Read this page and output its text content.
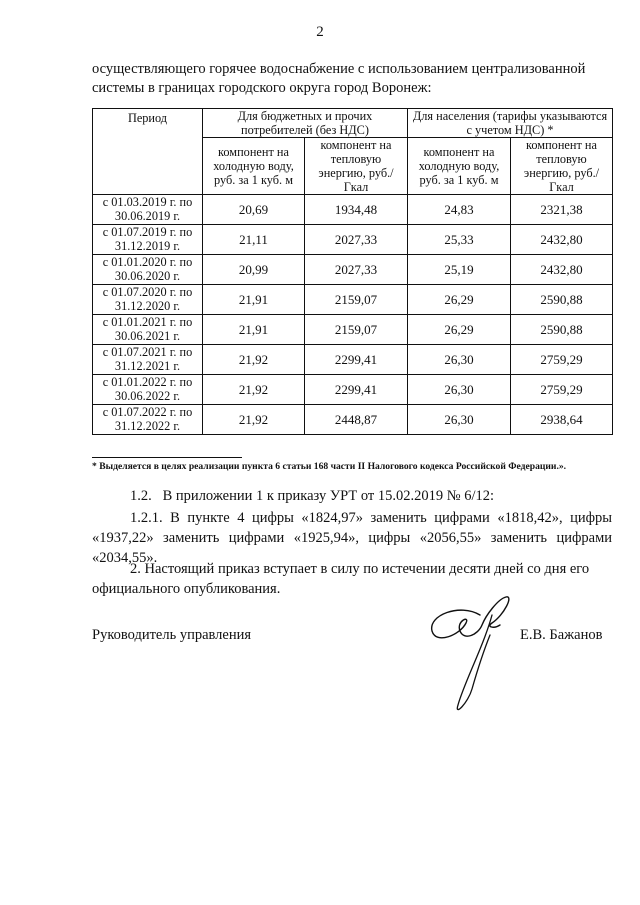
2
осуществляющего горячее водоснабжение с использованием централизованной системы в границах городского округа город Воронеж:
Период	Для бюджетных и прочих потребителей (без НДС)		Для населения (тарифы указываются с учетом НДС) *	
	компонент на холодную воду, руб. за 1 куб. м	компонент на тепловую энергию, руб./Гкал	компонент на холодную воду, руб. за 1 куб. м	компонент на тепловую энергию, руб./Гкал
с 01.03.2019 г. по 30.06.2019 г.	20,69	1934,48	24,83	2321,38
с 01.07.2019 г. по 31.12.2019 г.	21,11	2027,33	25,33	2432,80
с 01.01.2020 г. по 30.06.2020 г.	20,99	2027,33	25,19	2432,80
с 01.07.2020 г. по 31.12.2020 г.	21,91	2159,07	26,29	2590,88
с 01.01.2021 г. по 30.06.2021 г.	21,91	2159,07	26,29	2590,88
с 01.07.2021 г. по 31.12.2021 г.	21,92	2299,41	26,30	2759,29
с 01.01.2022 г. по 30.06.2022 г.	21,92	2299,41	26,30	2759,29
с 01.07.2022 г. по 31.12.2022 г.	21,92	2448,87	26,30	2938,64
* Выделяется в целях реализации пункта 6 статьи 168 части II Налогового кодекса Российской Федерации.».
1.2.   В приложении 1 к приказу УРТ от 15.02.2019 № 6/12:
1.2.1. В пункте 4 цифры «1824,97» заменить цифрами «1818,42», цифры «1937,22» заменить цифрами «1925,94», цифры «2056,55» заменить цифрами «2034,55».
2. Настоящий приказ вступает в силу по истечении десяти дней со дня его официального опубликования.
Руководитель управления	Е.В. Бажанов
